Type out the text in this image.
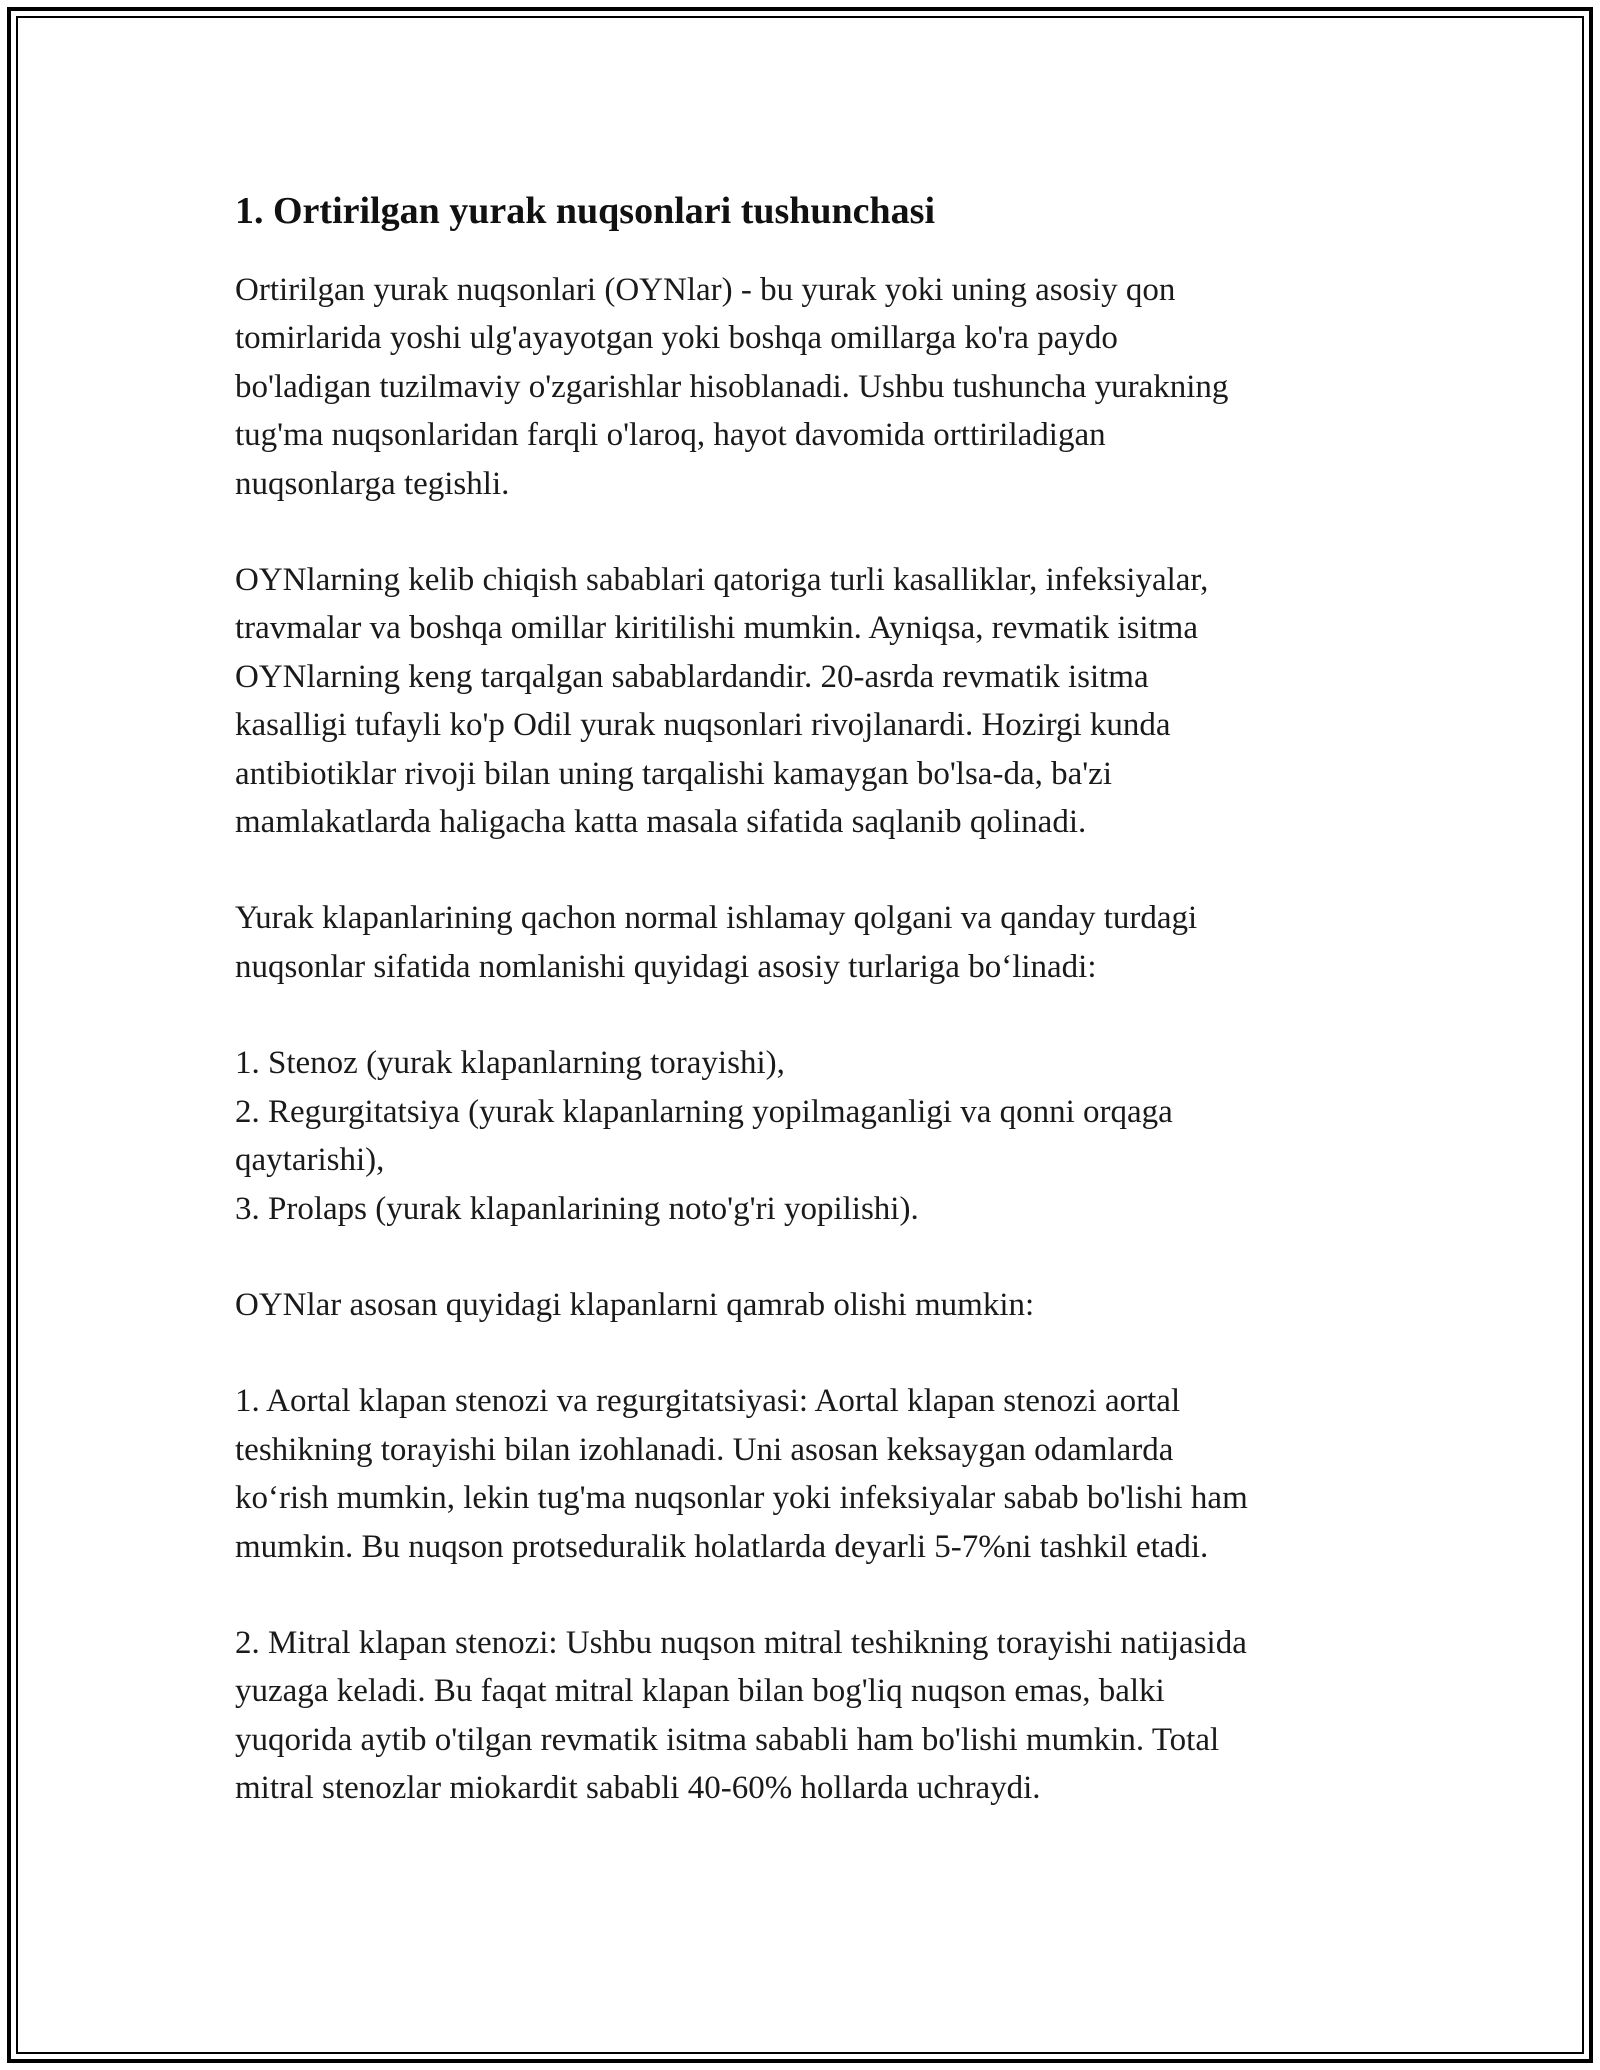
1. Ortirilgan yurak nuqsonlari tushunchasi

Ortirilgan yurak nuqsonlari (OYNlar) - bu yurak yoki uning asosiy qon
tomirlarida yoshi ulg'ayayotgan yoki boshqa omillarga ko'ra paydo
bo'ladigan tuzilmaviy o'zgarishlar hisoblanadi. Ushbu tushuncha yurakning
tug'ma nuqsonlaridan farqli o'laroq, hayot davomida orttiriladigan
nuqsonlarga tegishli.

OYNlarning kelib chiqish sabablari qatoriga turli kasalliklar, infeksiyalar,
travmalar va boshqa omillar kiritilishi mumkin. Ayniqsa, revmatik isitma
OYNlarning keng tarqalgan sabablardandir. 20-asrda revmatik isitma
kasalligi tufayli ko'p Odil yurak nuqsonlari rivojlanardi. Hozirgi kunda
antibiotiklar rivoji bilan uning tarqalishi kamaygan bo'lsa-da, ba'zi
mamlakatlarda haligacha katta masala sifatida saqlanib qolinadi.

Yurak klapanlarining qachon normal ishlamay qolgani va qanday turdagi
nuqsonlar sifatida nomlanishi quyidagi asosiy turlariga bo‘linadi:

1. Stenoz (yurak klapanlarning torayishi),
2. Regurgitatsiya (yurak klapanlarning yopilmaganligi va qonni orqaga
qaytarishi),
3. Prolaps (yurak klapanlarining noto'g'ri yopilishi).

OYNlar asosan quyidagi klapanlarni qamrab olishi mumkin:

1. Aortal klapan stenozi va regurgitatsiyasi: Aortal klapan stenozi aortal
teshikning torayishi bilan izohlanadi. Uni asosan keksaygan odamlarda
ko‘rish mumkin, lekin tug'ma nuqsonlar yoki infeksiyalar sabab bo'lishi ham
mumkin. Bu nuqson protseduralik holatlarda deyarli 5-7%ni tashkil etadi.

2. Mitral klapan stenozi: Ushbu nuqson mitral teshikning torayishi natijasida
yuzaga keladi. Bu faqat mitral klapan bilan bog'liq nuqson emas, balki
yuqorida aytib o'tilgan revmatik isitma sababli ham bo'lishi mumkin. Total
mitral stenozlar miokardit sababli 40-60% hollarda uchraydi.
